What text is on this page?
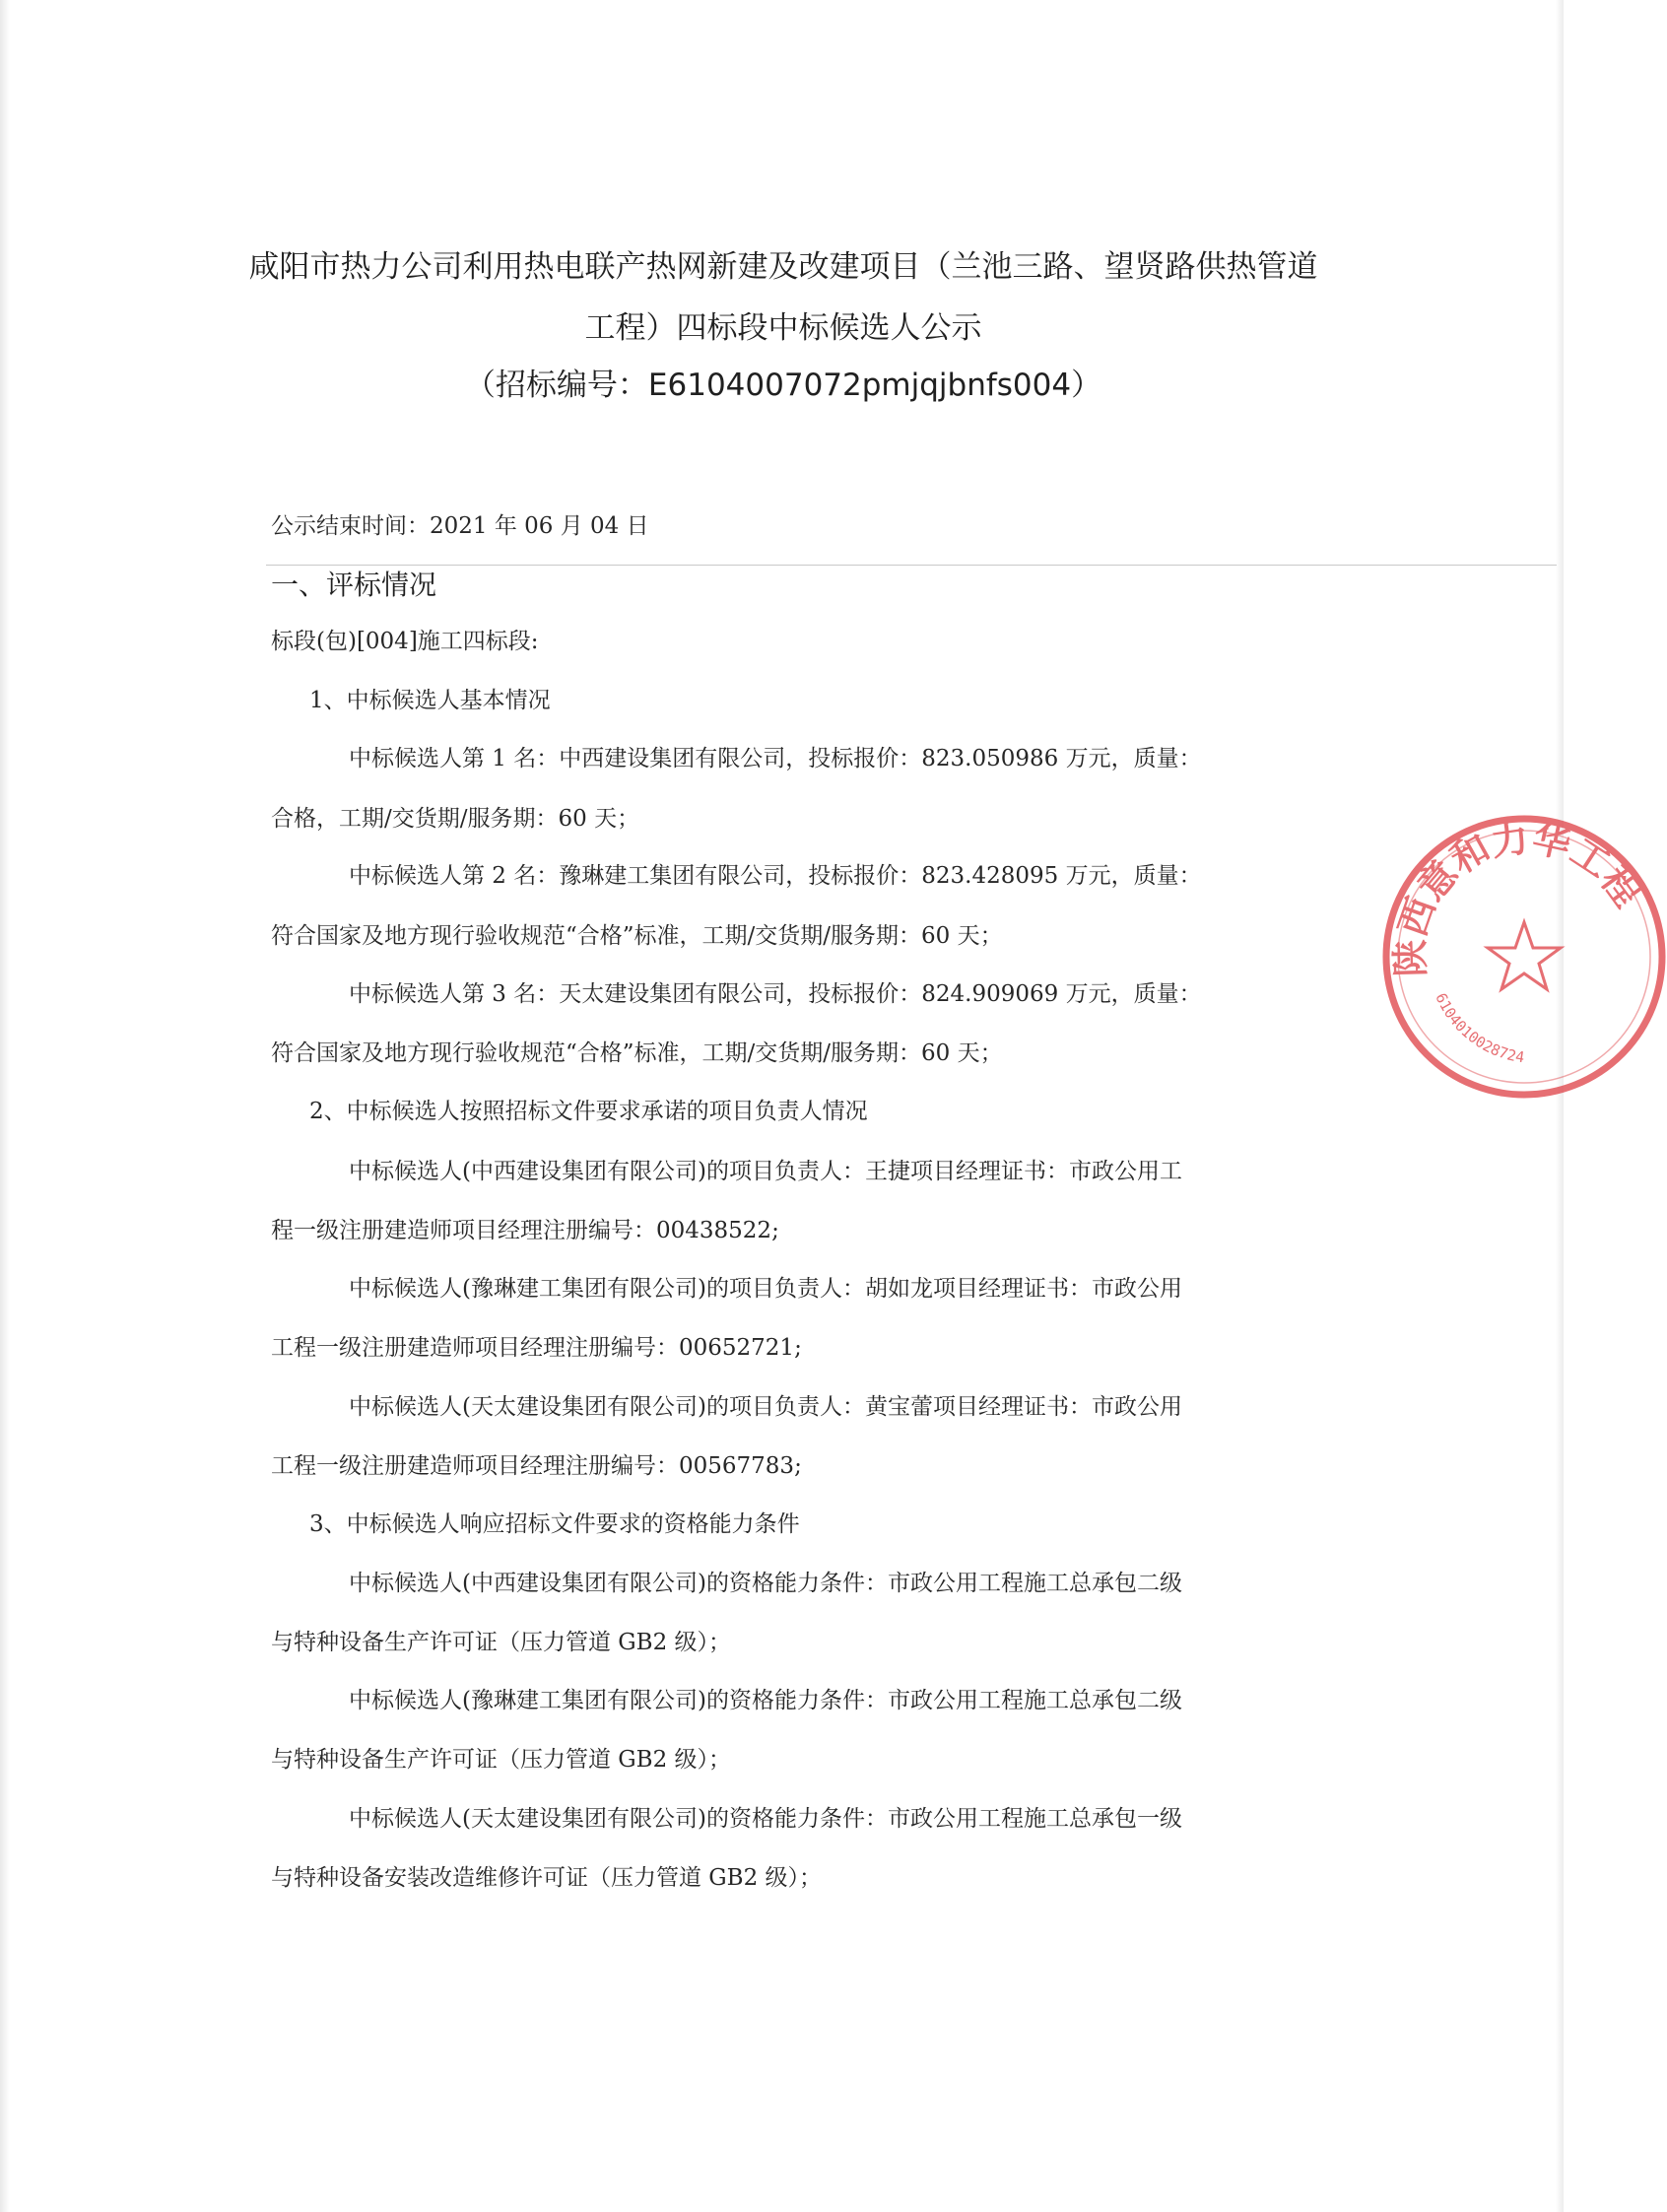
咸阳市热力公司利用热电联产热网新建及改建项目（兰池三路、望贤路供热管道
工程）四标段中标候选人公示
（招标编号：E6104007072pmjqjbnfs004）
公示结束时间：2021 年 06 月 04 日
一、评标情况
标段(包)[004]施工四标段:
1、中标候选人基本情况
中标候选人第 1 名：中西建设集团有限公司，投标报价：823.050986 万元，质量：
合格，工期/交货期/服务期：60 天；
中标候选人第 2 名：豫琳建工集团有限公司，投标报价：823.428095 万元，质量：
符合国家及地方现行验收规范“合格”标准，工期/交货期/服务期：60 天；
中标候选人第 3 名：天太建设集团有限公司，投标报价：824.909069 万元，质量：
符合国家及地方现行验收规范“合格”标准，工期/交货期/服务期：60 天；
2、中标候选人按照招标文件要求承诺的项目负责人情况
中标候选人(中西建设集团有限公司)的项目负责人：王捷项目经理证书：市政公用工
程一级注册建造师项目经理注册编号：00438522;
中标候选人(豫琳建工集团有限公司)的项目负责人：胡如龙项目经理证书：市政公用
工程一级注册建造师项目经理注册编号：00652721;
中标候选人(天太建设集团有限公司)的项目负责人：黄宝蕾项目经理证书：市政公用
工程一级注册建造师项目经理注册编号：00567783;
3、中标候选人响应招标文件要求的资格能力条件
中标候选人(中西建设集团有限公司)的资格能力条件：市政公用工程施工总承包二级
与特种设备生产许可证（压力管道 GB2 级）；
中标候选人(豫琳建工集团有限公司)的资格能力条件：市政公用工程施工总承包二级
与特种设备生产许可证（压力管道 GB2 级）；
中标候选人(天太建设集团有限公司)的资格能力条件：市政公用工程施工总承包一级
与特种设备安装改造维修许可证（压力管道 GB2 级）；
陕西意和力华工程
6104010028724
